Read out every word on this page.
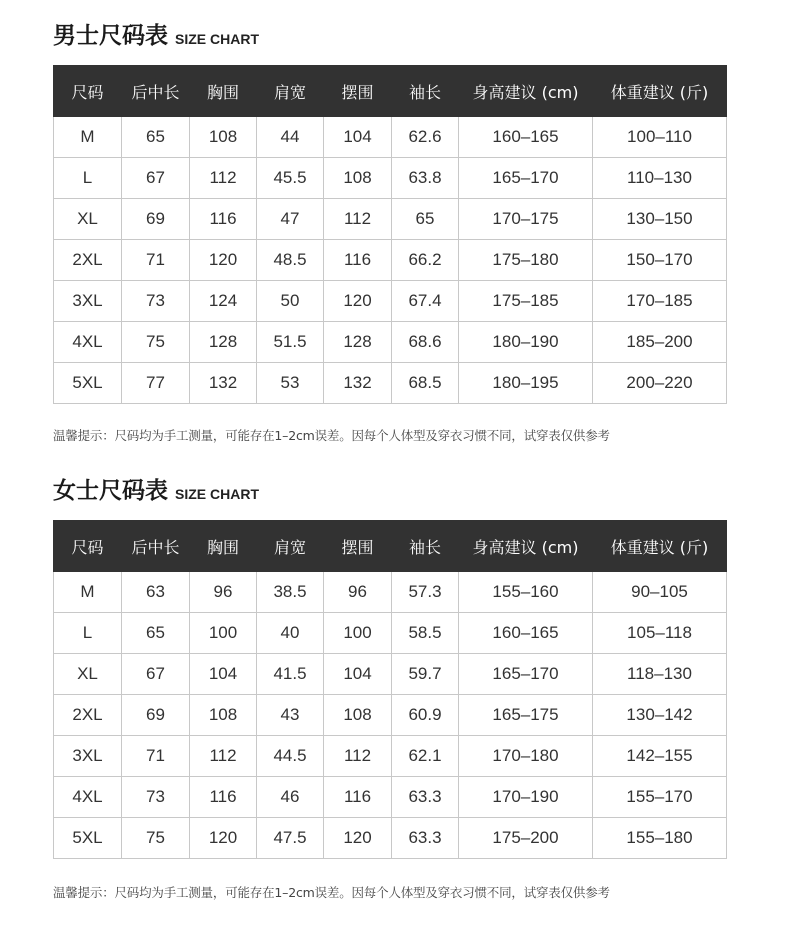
男士尺码表 SIZE CHART
尺码	后中长	胸围	肩宽	摆围	袖长	身高建议 (cm)	体重建议 (斤)
M	65	108	44	104	62.6	160–165	100–110
L	67	112	45.5	108	63.8	165–170	110–130
XL	69	116	47	112	65	170–175	130–150
2XL	71	120	48.5	116	66.2	175–180	150–170
3XL	73	124	50	120	67.4	175–185	170–185
4XL	75	128	51.5	128	68.6	180–190	185–200
5XL	77	132	53	132	68.5	180–195	200–220
温馨提示：尺码均为手工测量，可能存在1–2cm误差。因每个人体型及穿衣习惯不同，试穿表仅供参考
女士尺码表 SIZE CHART
尺码	后中长	胸围	肩宽	摆围	袖长	身高建议 (cm)	体重建议 (斤)
M	63	96	38.5	96	57.3	155–160	90–105
L	65	100	40	100	58.5	160–165	105–118
XL	67	104	41.5	104	59.7	165–170	118–130
2XL	69	108	43	108	60.9	165–175	130–142
3XL	71	112	44.5	112	62.1	170–180	142–155
4XL	73	116	46	116	63.3	170–190	155–170
5XL	75	120	47.5	120	63.3	175–200	155–180
温馨提示：尺码均为手工测量，可能存在1–2cm误差。因每个人体型及穿衣习惯不同，试穿表仅供参考
